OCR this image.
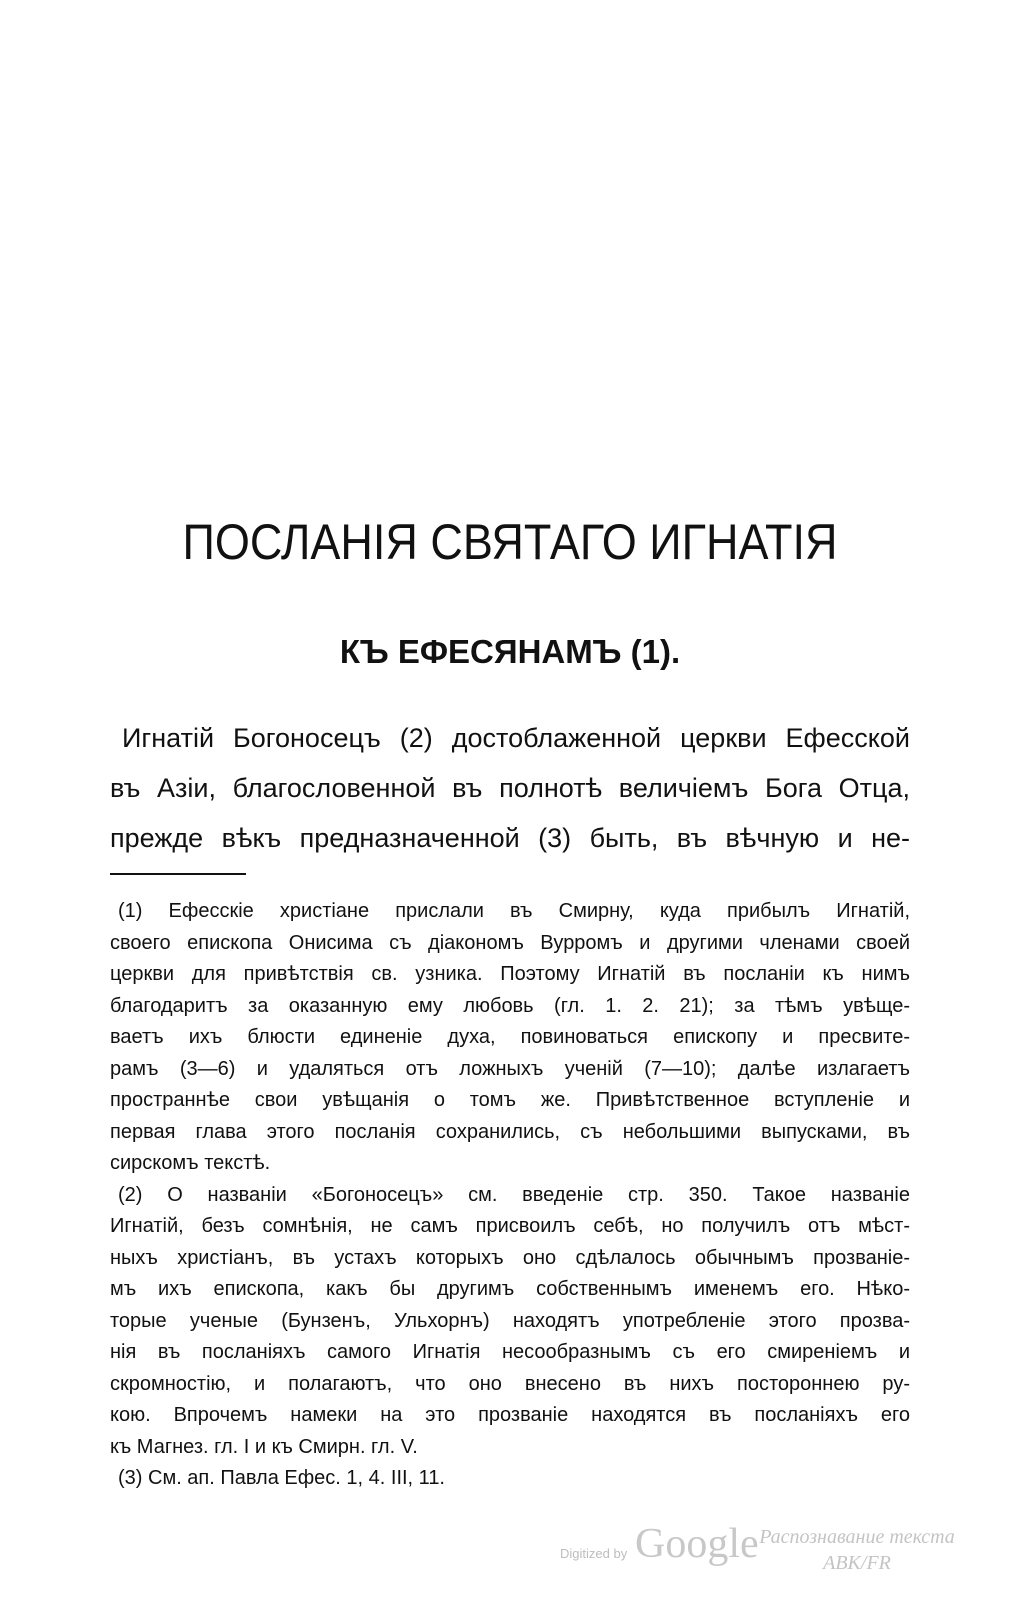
ПОСЛАНІЯ СВЯТАГО ИГНАТІЯ
КЪ ЕФЕСЯНАМЪ (1).
Игнатій Богоносецъ (2) достоблаженной церкви Ефесской
въ Азіи, благословенной въ полнотѣ величіемъ Бога Отца,
прежде вѣкъ предназначенной (3) быть, въ вѣчную и не-
(1) Ефесскіе христіане прислали въ Смирну, куда прибылъ Игнатій,
своего епископа Онисима съ діакономъ Вурромъ и другими членами своей
церкви для привѣтствія св. узника. Поэтому Игнатій въ посланіи къ нимъ
благодаритъ за оказанную ему любовь (гл. 1. 2. 21); за тѣмъ увѣще-
ваетъ ихъ блюсти единеніе духа, повиноваться епископу и пресвите-
рамъ (3—6) и удаляться отъ ложныхъ ученій (7—10); далѣе излагаетъ
пространнѣе свои увѣщанія о томъ же. Привѣтственное вступленіе и
первая глава этого посланія сохранились, съ небольшими выпусками, въ
сирскомъ текстѣ.
(2) О названіи «Богоносецъ» см. введеніе стр. 350. Такое названіе
Игнатій, безъ сомнѣнія, не самъ присвоилъ себѣ, но получилъ отъ мѣст-
ныхъ христіанъ, въ устахъ которыхъ оно сдѣлалось обычнымъ прозваніе-
мъ ихъ епископа, какъ бы другимъ собственнымъ именемъ его. Нѣко-
торые ученые (Бунзенъ, Ульхорнъ) находятъ употребленіе этого прозва-
нія въ посланіяхъ самого Игнатія несообразнымъ съ его смиреніемъ и
скромностію, и полагаютъ, что оно внесено въ нихъ постороннею ру-
кою. Впрочемъ намеки на это прозваніе находятся въ посланіяхъ его
къ Магнез. гл. I и къ Смирн. гл. V.
(3) См. ап. Павла Ефес. 1, 4. III, 11.
Digitized by Google Распознавание текста
ABK/FR
